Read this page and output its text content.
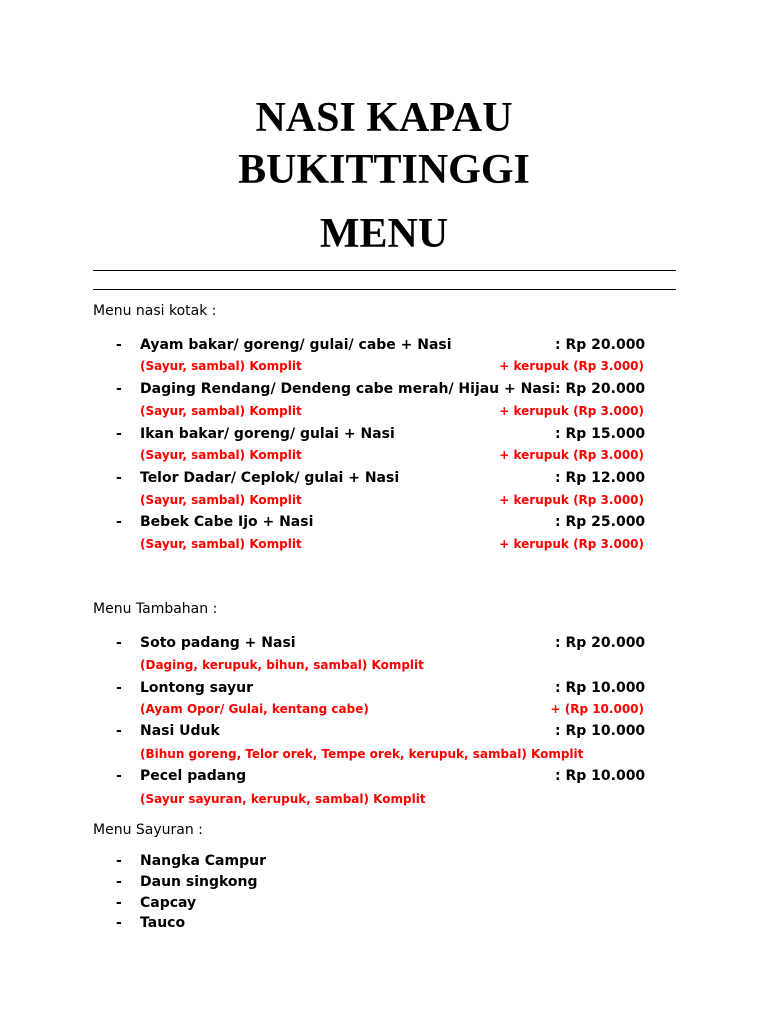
NASI KAPAU
BUKITTINGGI
MENU
Menu nasi kotak :
- Ayam bakar/ goreng/ gulai/ cabe + Nasi	: Rp 20.000
(Sayur, sambal) Komplit	+ kerupuk (Rp 3.000)
- Daging Rendang/ Dendeng cabe merah/ Hijau + Nasi : Rp 20.000
(Sayur, sambal) Komplit	+ kerupuk (Rp 3.000)
- Ikan bakar/ goreng/ gulai + Nasi	: Rp 15.000
(Sayur, sambal) Komplit	+ kerupuk (Rp 3.000)
- Telor Dadar/ Ceplok/ gulai + Nasi	: Rp 12.000
(Sayur, sambal) Komplit	+ kerupuk (Rp 3.000)
- Bebek Cabe Ijo + Nasi	: Rp 25.000
(Sayur, sambal) Komplit	+ kerupuk (Rp 3.000)
Menu Tambahan :
- Soto padang + Nasi	: Rp 20.000
(Daging, kerupuk, bihun, sambal) Komplit
- Lontong sayur	: Rp 10.000
(Ayam Opor/ Gulai, kentang cabe)	+ (Rp 10.000)
- Nasi Uduk	: Rp 10.000
(Bihun goreng, Telor orek, Tempe orek, kerupuk, sambal) Komplit
- Pecel padang	: Rp 10.000
(Sayur sayuran, kerupuk, sambal) Komplit
Menu Sayuran :
- Nangka Campur
- Daun singkong
- Capcay
- Tauco
